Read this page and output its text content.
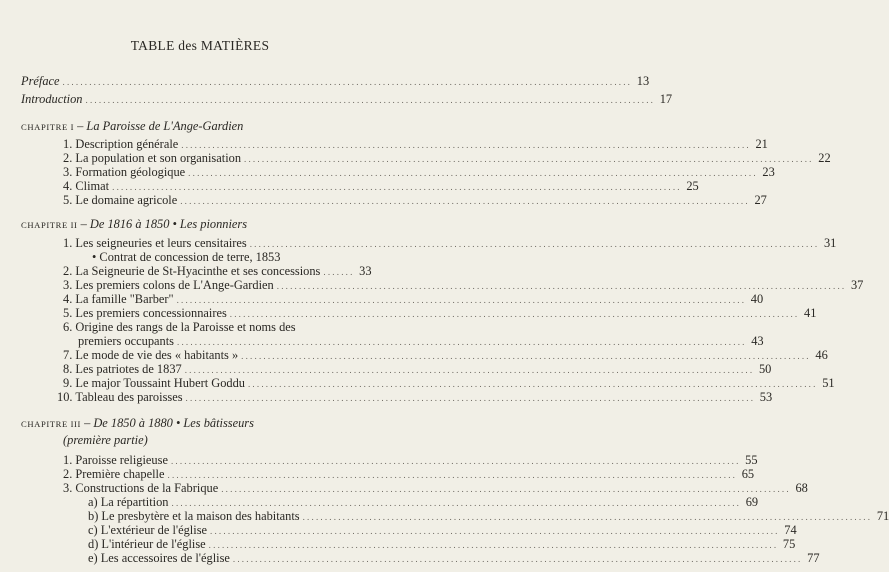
TABLE des MATIÈRES
Préface ................................................................................................................................ 13
Introduction ................................................................................................................................ 17
CHAPITRE I – La Paroisse de L'Ange-Gardien
1. Description générale ................................................................................................................................ 21
2. La population et son organisation ................................................................................................................................ 22
3. Formation géologique ................................................................................................................................ 23
4. Climat ................................................................................................................................ 25
5. Le domaine agricole ................................................................................................................................ 27
CHAPITRE II – De 1816 à 1850 • Les pionniers
1. Les seigneuries et leurs censitaires ................................................................................................................................ 31
• Contrat de concession de terre, 1853
2. La Seigneurie de St-Hyacinthe et ses concessions ....... 33
3. Les premiers colons de L'Ange-Gardien ................................................................................................................................ 37
4. La famille "Barber" ................................................................................................................................ 40
5. Les premiers concessionnaires ................................................................................................................................ 41
6. Origine des rangs de la Paroisse et noms des
premiers occupants ................................................................................................................................ 43
7. Le mode de vie des « habitants » ................................................................................................................................ 46
8. Les patriotes de 1837 ................................................................................................................................ 50
9. Le major Toussaint Hubert Goddu ................................................................................................................................ 51
10. Tableau des paroisses ................................................................................................................................ 53
CHAPITRE III – De 1850 à 1880 • Les bâtisseurs
(première partie)
1. Paroisse religieuse ................................................................................................................................ 55
2. Première chapelle ................................................................................................................................ 65
3. Constructions de la Fabrique ................................................................................................................................ 68
a) La répartition ................................................................................................................................ 69
b) Le presbytère et la maison des habitants ................................................................................................................................ 71
c) L'extérieur de l'église ................................................................................................................................ 74
d) L'intérieur de l'église ................................................................................................................................ 75
e) Les accessoires de l'église ................................................................................................................................ 77
